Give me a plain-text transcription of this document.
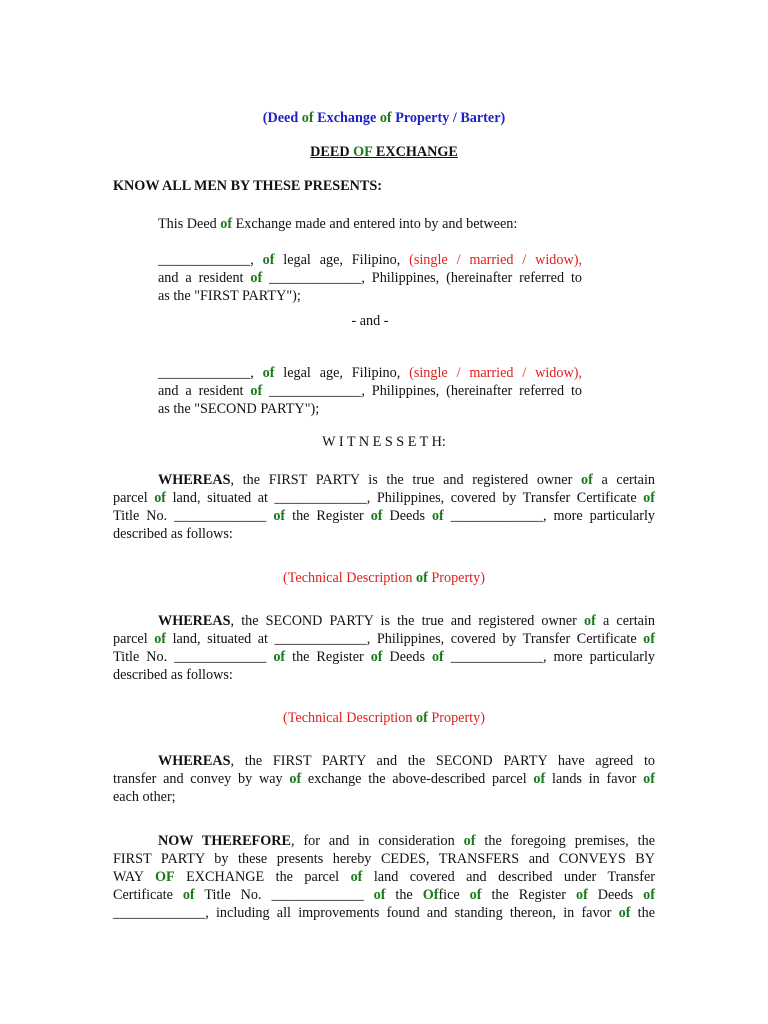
(Deed of Exchange of Property / Barter)
DEED OF EXCHANGE
KNOW ALL MEN BY THESE PRESENTS:
This Deed of Exchange made and entered into by and between:
_____________, of legal age, Filipino, (single / married / widow),
and a resident of _____________, Philippines, (hereinafter referred to
as the "FIRST PARTY");
- and -
_____________, of legal age, Filipino, (single / married / widow),
and a resident of _____________, Philippines, (hereinafter referred to
as the "SECOND PARTY");
W I T N E S S E T H:
WHEREAS, the FIRST PARTY is the true and registered owner of a certain
parcel of land, situated at _____________, Philippines, covered by Transfer Certificate of
Title No. _____________ of the Register of Deeds of _____________, more particularly
described as follows:
(Technical Description of Property)
WHEREAS, the SECOND PARTY is the true and registered owner of a certain
parcel of land, situated at _____________, Philippines, covered by Transfer Certificate of
Title No. _____________ of the Register of Deeds of _____________, more particularly
described as follows:
(Technical Description of Property)
WHEREAS, the FIRST PARTY and the SECOND PARTY have agreed to
transfer and convey by way of exchange the above-described parcel of lands in favor of
each other;
NOW THEREFORE, for and in consideration of the foregoing premises, the
FIRST PARTY by these presents hereby CEDES, TRANSFERS and CONVEYS BY
WAY OF EXCHANGE the parcel of land covered and described under Transfer
Certificate of Title No. _____________ of the Office of the Register of Deeds of
_____________, including all improvements found and standing thereon, in favor of the
